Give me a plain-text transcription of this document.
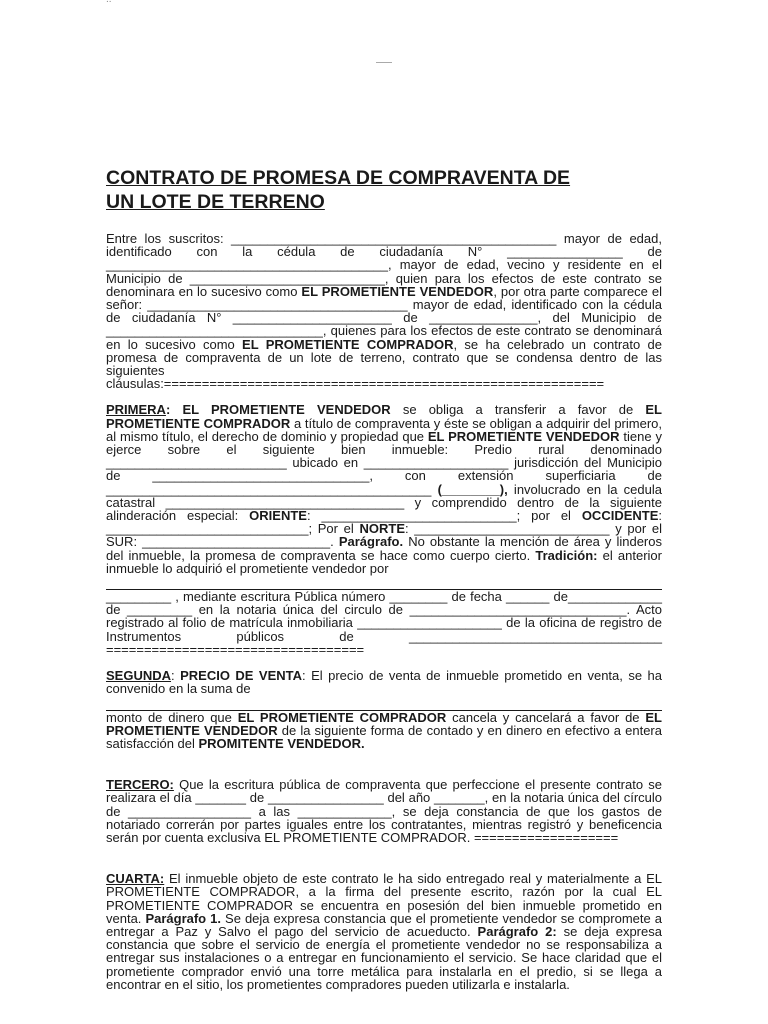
CONTRATO DE PROMESA DE COMPRAVENTA DE
UN LOTE DE TERRENO

Entre los suscritos: _____________________________________________ mayor de edad, identificado con la cédula de ciudadanía N° ________________ de _______________________________________, mayor de edad, vecino y residente en el Municipio de ___________________________, quien para los efectos de este contrato se denominara en lo sucesivo como EL PROMETIENTE VENDEDOR, por otra parte comparece el señor: ____________________________________ mayor de edad, identificado con la cédula de ciudadanía N° ______________________ de _______________, del Municipio de ______________________________, quienes para los efectos de este contrato se denominará en lo sucesivo como EL PROMETIENTE COMPRADOR, se ha celebrado un contrato de promesa de compraventa de un lote de terreno, contrato que se condensa dentro de las siguientes cláusulas:==========================================================

PRIMERA: EL PROMETIENTE VENDEDOR se obliga a transferir a favor de EL PROMETIENTE COMPRADOR a título de compraventa y éste se obligan a adquirir del primero, al mismo título, el derecho de dominio y propiedad que EL PROMETIENTE VENDEDOR tiene y ejerce sobre el siguiente bien inmueble: Predio rural denominado _________________________ ubicado en ____________________ jurisdicción del Municipio de ______________________________, con extensión superficiaria de _____________________________________________ (________), involucrado en la cedula catastral _________________________________ y comprendido dentro de la siguiente alinderación especial: ORIENTE: ___________________________; por el OCCIDENTE: ____________________________; Por el NORTE: ___________________________ y por el SUR: __________________________. Parágrafo. No obstante la mención de área y linderos del inmueble, la promesa de compraventa se hace como cuerpo cierto. Tradición: el anterior inmueble lo adquirió el prometiente vendedor por

_________ , mediante escritura Pública número ________ de fecha ______ de_____________ de _________ en la notaria única del circulo de ______________________________. Acto registrado al folio de matrícula inmobiliaria ____________________ de la oficina de registro de Instrumentos públicos de ___________________________________ ==================================

SEGUNDA: PRECIO DE VENTA: El precio de venta de inmueble prometido en venta, se ha convenido en la suma de

monto de dinero que EL PROMETIENTE COMPRADOR cancela y cancelará a favor de EL PROMETIENTE VENDEDOR de la siguiente forma de contado y en dinero en efectivo a entera satisfacción del PROMITENTE VENDEDOR.

TERCERO: Que la escritura pública de compraventa que perfeccione el presente contrato se realizara el día _______ de ________________ del año _______, en la notaria única del círculo de _________________ a las _____________, se deja constancia de que los gastos de notariado correrán por partes iguales entre los contratantes, mientras registró y beneficencia serán por cuenta exclusiva EL PROMETIENTE COMPRADOR. ===================

CUARTA: El inmueble objeto de este contrato le ha sido entregado real y materialmente a EL PROMETIENTE COMPRADOR, a la firma del presente escrito, razón por la cual EL PROMETIENTE COMPRADOR se encuentra en posesión del bien inmueble prometido en venta. Parágrafo 1. Se deja expresa constancia que el prometiente vendedor se compromete a entregar a Paz y Salvo el pago del servicio de acueducto. Parágrafo 2: se deja expresa constancia que sobre el servicio de energía el prometiente vendedor no se responsabiliza a entregar sus instalaciones o a entregar en funcionamiento el servicio. Se hace claridad que el prometiente comprador envió una torre metálica para instalarla en el predio, si se llega a encontrar en el sitio, los prometientes compradores pueden utilizarla e instalarla.
